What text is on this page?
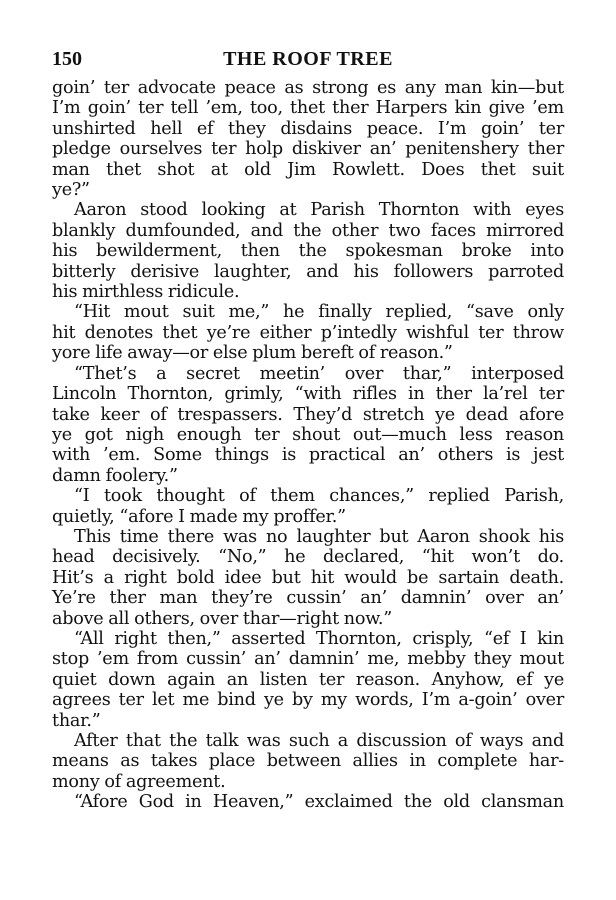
150	THE ROOF TREE

goin’ ter advocate peace as strong es any man kin—but

I’m goin’ ter tell ’em, too, thet ther Harpers kin give ’em

unshirted hell ef they disdains peace. I’m goin’ ter

pledge ourselves ter holp diskiver an’ penitenshery ther

man thet shot at old Jim Rowlett. Does thet suit

ye?”

Aaron stood looking at Parish Thornton with eyes

blankly dumfounded, and the other two faces mirrored

his bewilderment, then the spokesman broke into

bitterly derisive laughter, and his followers parroted

his mirthless ridicule.

“Hit mout suit me,” he finally replied, “save only

hit denotes thet ye’re either p’intedly wishful ter throw

yore life away—or else plum bereft of reason.”

“Thet’s a secret meetin’ over thar,” interposed

Lincoln Thornton, grimly, “with rifles in ther la’rel ter

take keer of trespassers. They’d stretch ye dead afore

ye got nigh enough ter shout out—much less reason

with ’em. Some things is practical an’ others is jest

damn foolery.”

“I took thought of them chances,” replied Parish,

quietly, “afore I made my proffer.”

This time there was no laughter but Aaron shook his

head decisively. “No,” he declared, “hit won’t do.

Hit’s a right bold idee but hit would be sartain death.

Ye’re ther man they’re cussin’ an’ damnin’ over an’

above all others, over thar—right now.”

“All right then,” asserted Thornton, crisply, “ef I kin

stop ’em from cussin’ an’ damnin’ me, mebby they mout

quiet down again an listen ter reason. Anyhow, ef ye

agrees ter let me bind ye by my words, I’m a-goin’ over

thar.”

After that the talk was such a discussion of ways and

means as takes place between allies in complete har-

mony of agreement.

“Afore God in Heaven,” exclaimed the old clansman
